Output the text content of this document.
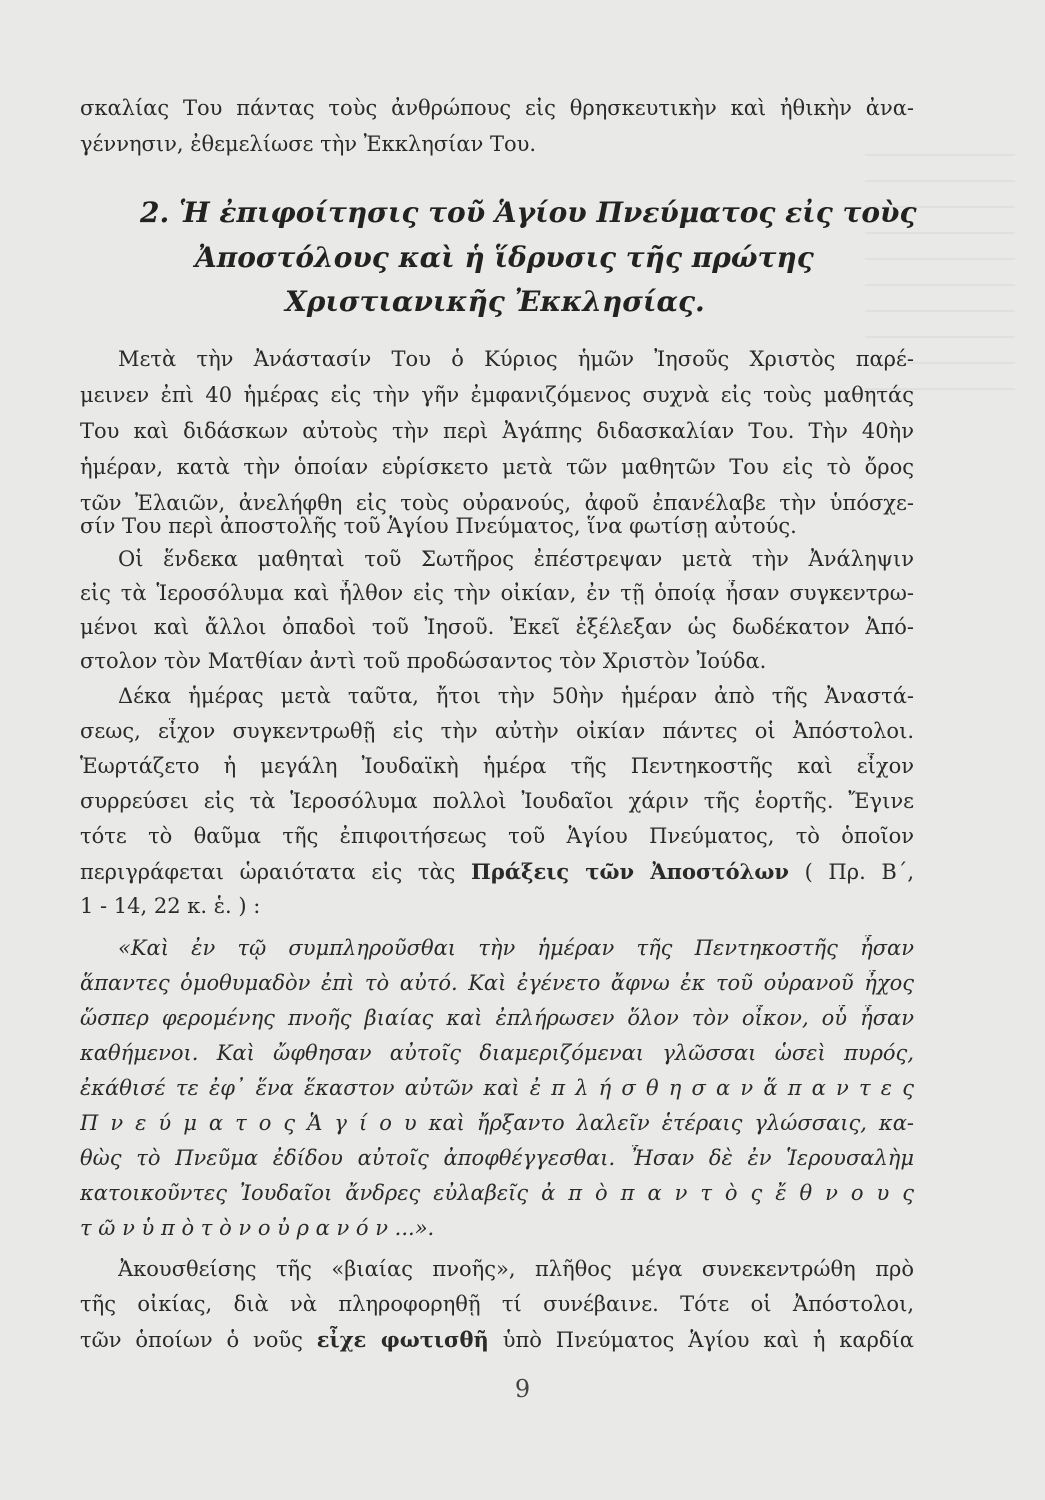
σκαλίας Του πάντας τοὺς ἀνθρώπους εἰς θρησκευτικὴν καὶ ἠθικὴν ἀνα-
γέννησιν, ἐθεμελίωσε τὴν Ἐκκλησίαν Του.
2. Ἡ ἐπιφοίτησις τοῦ Ἁγίου Πνεύματος εἰς τοὺς
Ἀποστόλους καὶ ἡ ἵδρυσις τῆς πρώτης
Χριστιανικῆς Ἐκκλησίας.
Μετὰ τὴν Ἀνάστασίν Του ὁ Κύριος ἡμῶν Ἰησοῦς Χριστὸς παρέ-
μεινεν ἐπὶ 40 ἡμέρας εἰς τὴν γῆν ἐμφανιζόμενος συχνὰ εἰς τοὺς μαθητάς
Του καὶ διδάσκων αὐτοὺς τὴν περὶ Ἀγάπης διδασκαλίαν Του. Τὴν 40ὴν
ἡμέραν, κατὰ τὴν ὁποίαν εὑρίσκετο μετὰ τῶν μαθητῶν Του εἰς τὸ ὄρος
τῶν Ἐλαιῶν, ἀνελήφθη εἰς τοὺς οὐρανούς, ἀφοῦ ἐπανέλαβε τὴν ὑπόσχε-
σίν Του περὶ ἀποστολῆς τοῦ Ἁγίου Πνεύματος, ἵνα φωτίσῃ αὐτούς.
Οἱ ἕνδεκα μαθηταὶ τοῦ Σωτῆρος ἐπέστρεψαν μετὰ τὴν Ἀνάληψιν
εἰς τὰ Ἱεροσόλυμα καὶ ἦλθον εἰς τὴν οἰκίαν, ἐν τῇ ὁποίᾳ ἦσαν συγκεντρω-
μένοι καὶ ἄλλοι ὀπαδοὶ τοῦ Ἰησοῦ. Ἐκεῖ ἐξέλεξαν ὡς δωδέκατον Ἀπό-
στολον τὸν Ματθίαν ἀντὶ τοῦ προδώσαντος τὸν Χριστὸν Ἰούδα.
Δέκα ἡμέρας μετὰ ταῦτα, ἤτοι τὴν 50ὴν ἡμέραν ἀπὸ τῆς Ἀναστά-
σεως, εἶχον συγκεντρωθῇ εἰς τὴν αὐτὴν οἰκίαν πάντες οἱ Ἀπόστολοι.
Ἑωρτάζετο ἡ μεγάλη Ἰουδαϊκὴ ἡμέρα τῆς Πεντηκοστῆς καὶ εἶχον
συρρεύσει εἰς τὰ Ἱεροσόλυμα πολλοὶ Ἰουδαῖοι χάριν τῆς ἑορτῆς. Ἔγινε
τότε τὸ θαῦμα τῆς ἐπιφοιτήσεως τοῦ Ἁγίου Πνεύματος, τὸ ὁποῖον
περιγράφεται ὡραιότατα εἰς τὰς Πράξεις τῶν Ἀποστόλων ( Πρ. Β΄,
1 - 14, 22 κ. ἑ. ) :
«Καὶ ἐν τῷ συμπληροῦσθαι τὴν ἡμέραν τῆς Πεντηκοστῆς ἦσαν
ἅπαντες ὁμοθυμαδὸν ἐπὶ τὸ αὐτό. Καὶ ἐγένετο ἄφνω ἐκ τοῦ οὐρανοῦ ἦχος
ὥσπερ φερομένης πνοῆς βιαίας καὶ ἐπλήρωσεν ὅλον τὸν οἶκον, οὗ ἦσαν
καθήμενοι. Καὶ ὤφθησαν αὐτοῖς διαμεριζόμεναι γλῶσσαι ὡσεὶ πυρός,
ἐκάθισέ τε ἐφ᾽ ἕνα ἕκαστον αὐτῶν καὶ ἐ π λ ή σ θ η σ α ν ἅ π α ν τ ε ς
Π ν ε ύ μ α τ ο ς Ἁ γ ί ο υ καὶ ἤρξαντο λαλεῖν ἑτέραις γλώσσαις, κα-
θὼς τὸ Πνεῦμα ἐδίδου αὐτοῖς ἀποφθέγγεσθαι. Ἦσαν δὲ ἐν Ἱερουσαλὴμ
κατοικοῦντες Ἰουδαῖοι ἄνδρες εὐλαβεῖς ἀ π ὸ π α ν τ ὸ ς ἔ θ ν ο υ ς
τ ῶ ν ὑ π ὸ τ ὸ ν ο ὐ ρ α ν ό ν ...».
Ἀκουσθείσης τῆς «βιαίας πνοῆς», πλῆθος μέγα συνεκεντρώθη πρὸ
τῆς οἰκίας, διὰ νὰ πληροφορηθῇ τί συνέβαινε. Τότε οἱ Ἀπόστολοι,
τῶν ὁποίων ὁ νοῦς εἶχε φωτισθῆ ὑπὸ Πνεύματος Ἁγίου καὶ ἡ καρδία
9
